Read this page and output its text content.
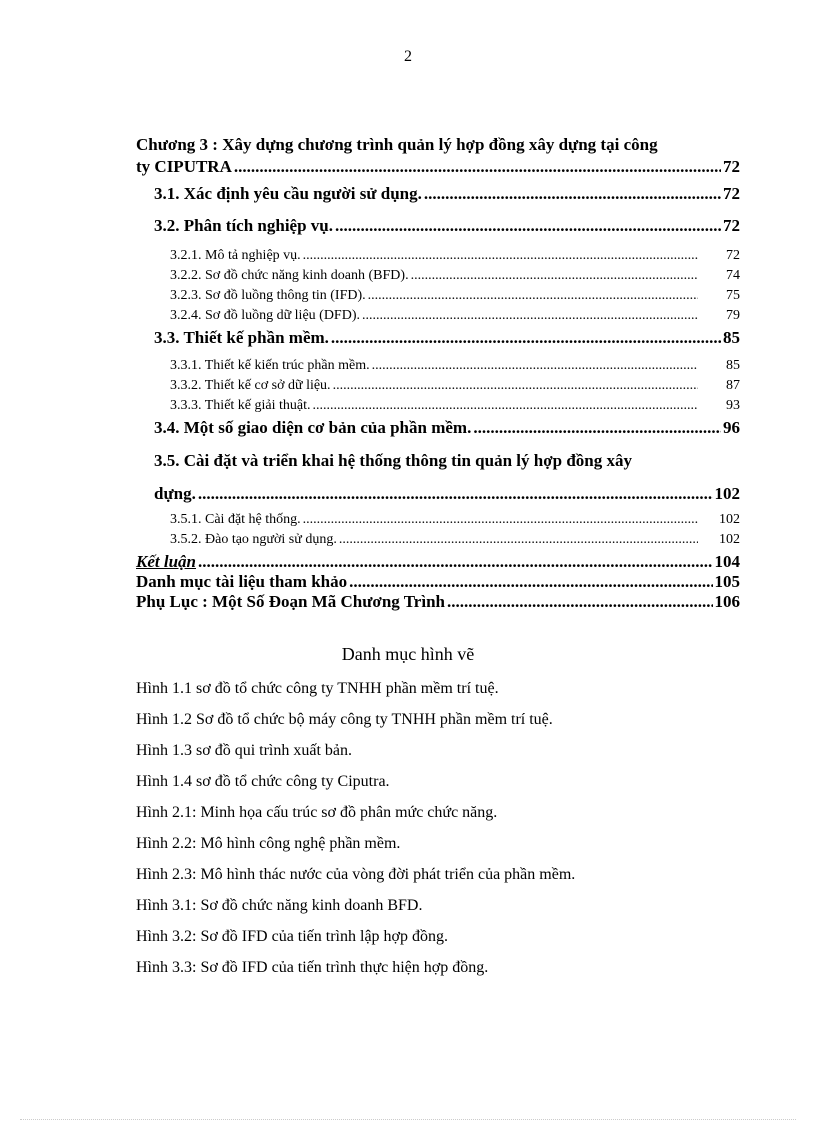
2
Chương 3 : Xây dựng chương trình quản lý hợp đồng xây dựng tại công
ty CIPUTRA .....	72
3.1. Xác định yêu cầu người sử dụng. .....	72
3.2. Phân tích nghiệp vụ. .....	72
3.2.1. Mô tả nghiệp vụ. .....	72
3.2.2. Sơ đồ chức năng kinh doanh (BFD). .....	74
3.2.3. Sơ đồ luồng thông tin (IFD). .....	75
3.2.4. Sơ đồ luồng dữ liệu (DFD). .....	79
3.3. Thiết kế phần mềm. .....	85
3.3.1. Thiết kế kiến trúc phần mềm. .....	85
3.3.2. Thiết kế cơ sở dữ liệu. .....	87
3.3.3. Thiết kế giải thuật. .....	93
3.4. Một số giao diện cơ bản của phần mềm. .....	96
3.5. Cài đặt và triển khai hệ thống thông tin quản lý hợp đồng xây
dựng. .....	102
3.5.1. Cài đặt hệ thống. .....	102
3.5.2. Đào tạo người sử dụng. .....	102
Kết luận .....	104
Danh mục tài liệu tham khảo .....	105
Phụ Lục : Một Số Đoạn Mã Chương Trình .....	106
Danh mục hình vẽ
Hình 1.1 sơ đồ tổ chức công ty TNHH phần mềm trí tuệ.
Hình 1.2 Sơ đồ tổ chức bộ máy công ty TNHH phần mềm trí tuệ.
Hình 1.3 sơ đồ qui trình xuất bản.
Hình 1.4 sơ đồ tổ chức công ty Ciputra.
Hình 2.1: Minh họa cấu trúc sơ đồ phân mức chức năng.
Hình 2.2: Mô hình công nghệ phần mềm.
Hình 2.3: Mô hình thác nước của vòng đời phát triển của phần mềm.
Hình 3.1: Sơ đồ chức năng kinh doanh BFD.
Hình 3.2: Sơ đồ IFD của tiến trình lập hợp đồng.
Hình 3.3: Sơ đồ IFD của tiến trình thực hiện hợp đồng.
